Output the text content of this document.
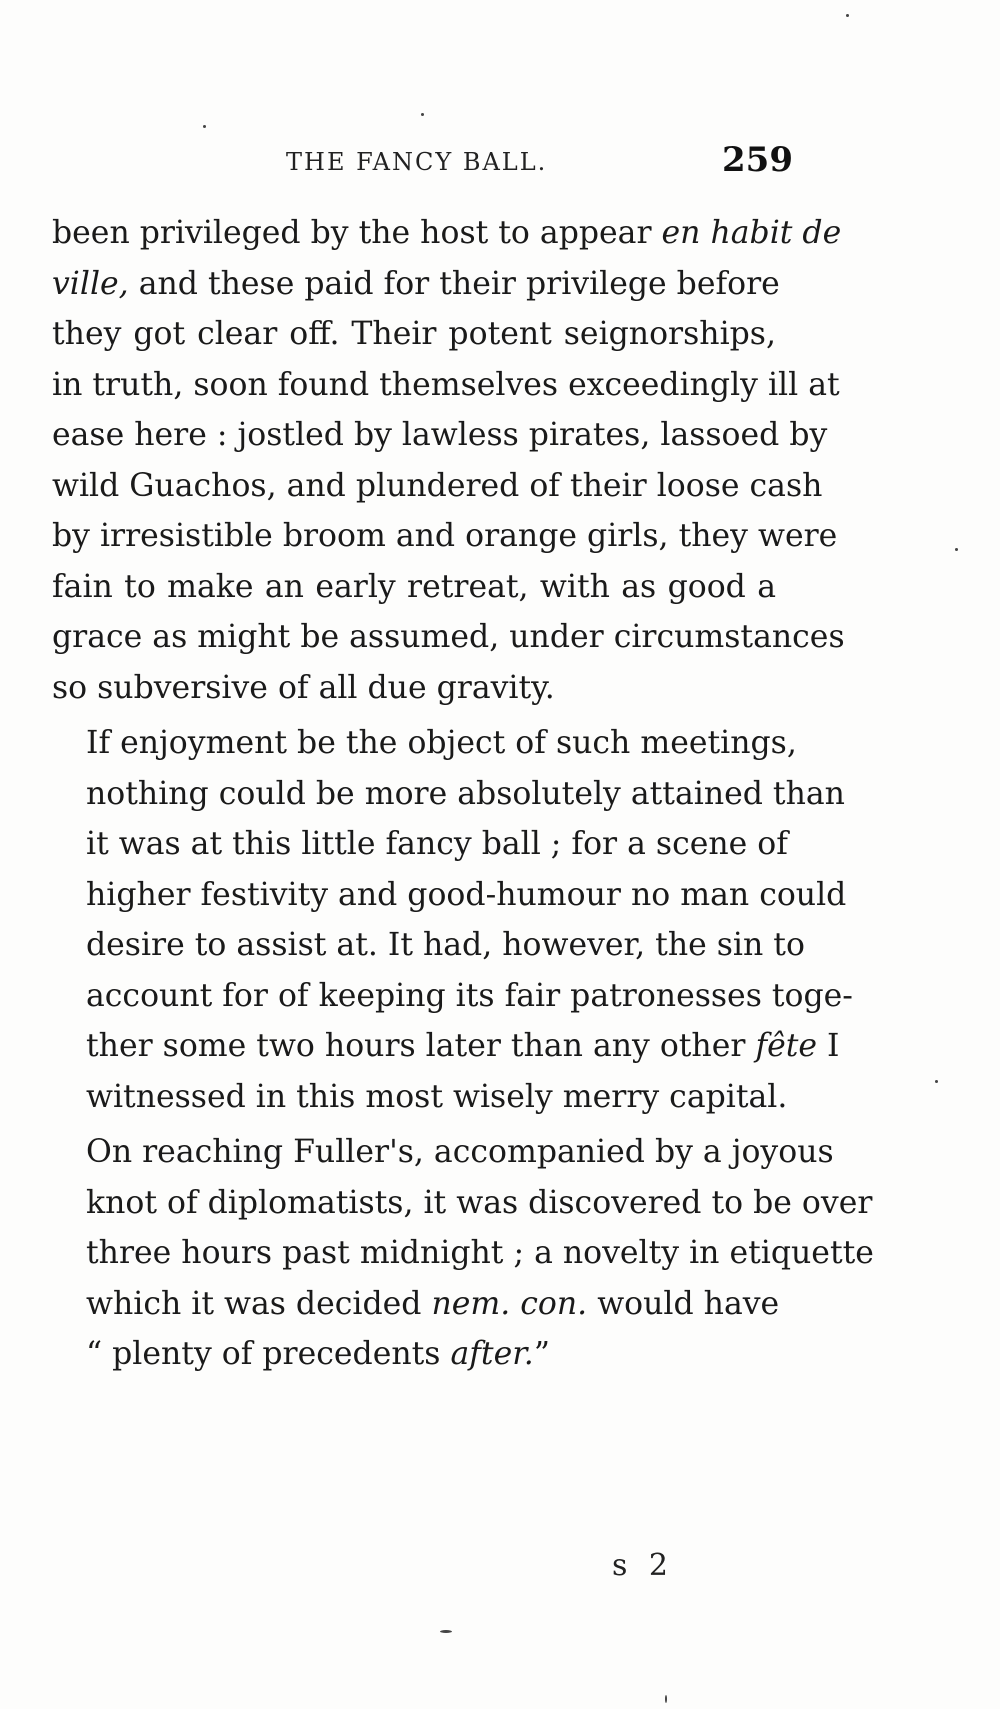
THE FANCY BALL.	259

been privileged by the host to appear en habit de
ville, and these paid for their privilege before
they got clear off. Their potent seignorships,
in truth, soon found themselves exceedingly ill at
ease here : jostled by lawless pirates, lassoed by
wild Guachos, and plundered of their loose cash
by irresistible broom and orange girls, they were
fain to make an early retreat, with as good a
grace as might be assumed, under circumstances
so subversive of all due gravity.

If enjoyment be the object of such meetings,
nothing could be more absolutely attained than
it was at this little fancy ball ; for a scene of
higher festivity and good-humour no man could
desire to assist at. It had, however, the sin to
account for of keeping its fair patronesses toge-
ther some two hours later than any other fête I
witnessed in this most wisely merry capital.

On reaching Fuller's, accompanied by a joyous
knot of diplomatists, it was discovered to be over
three hours past midnight ; a novelty in etiquette
which it was decided nem. con. would have
“ plenty of precedents after.”

s 2
